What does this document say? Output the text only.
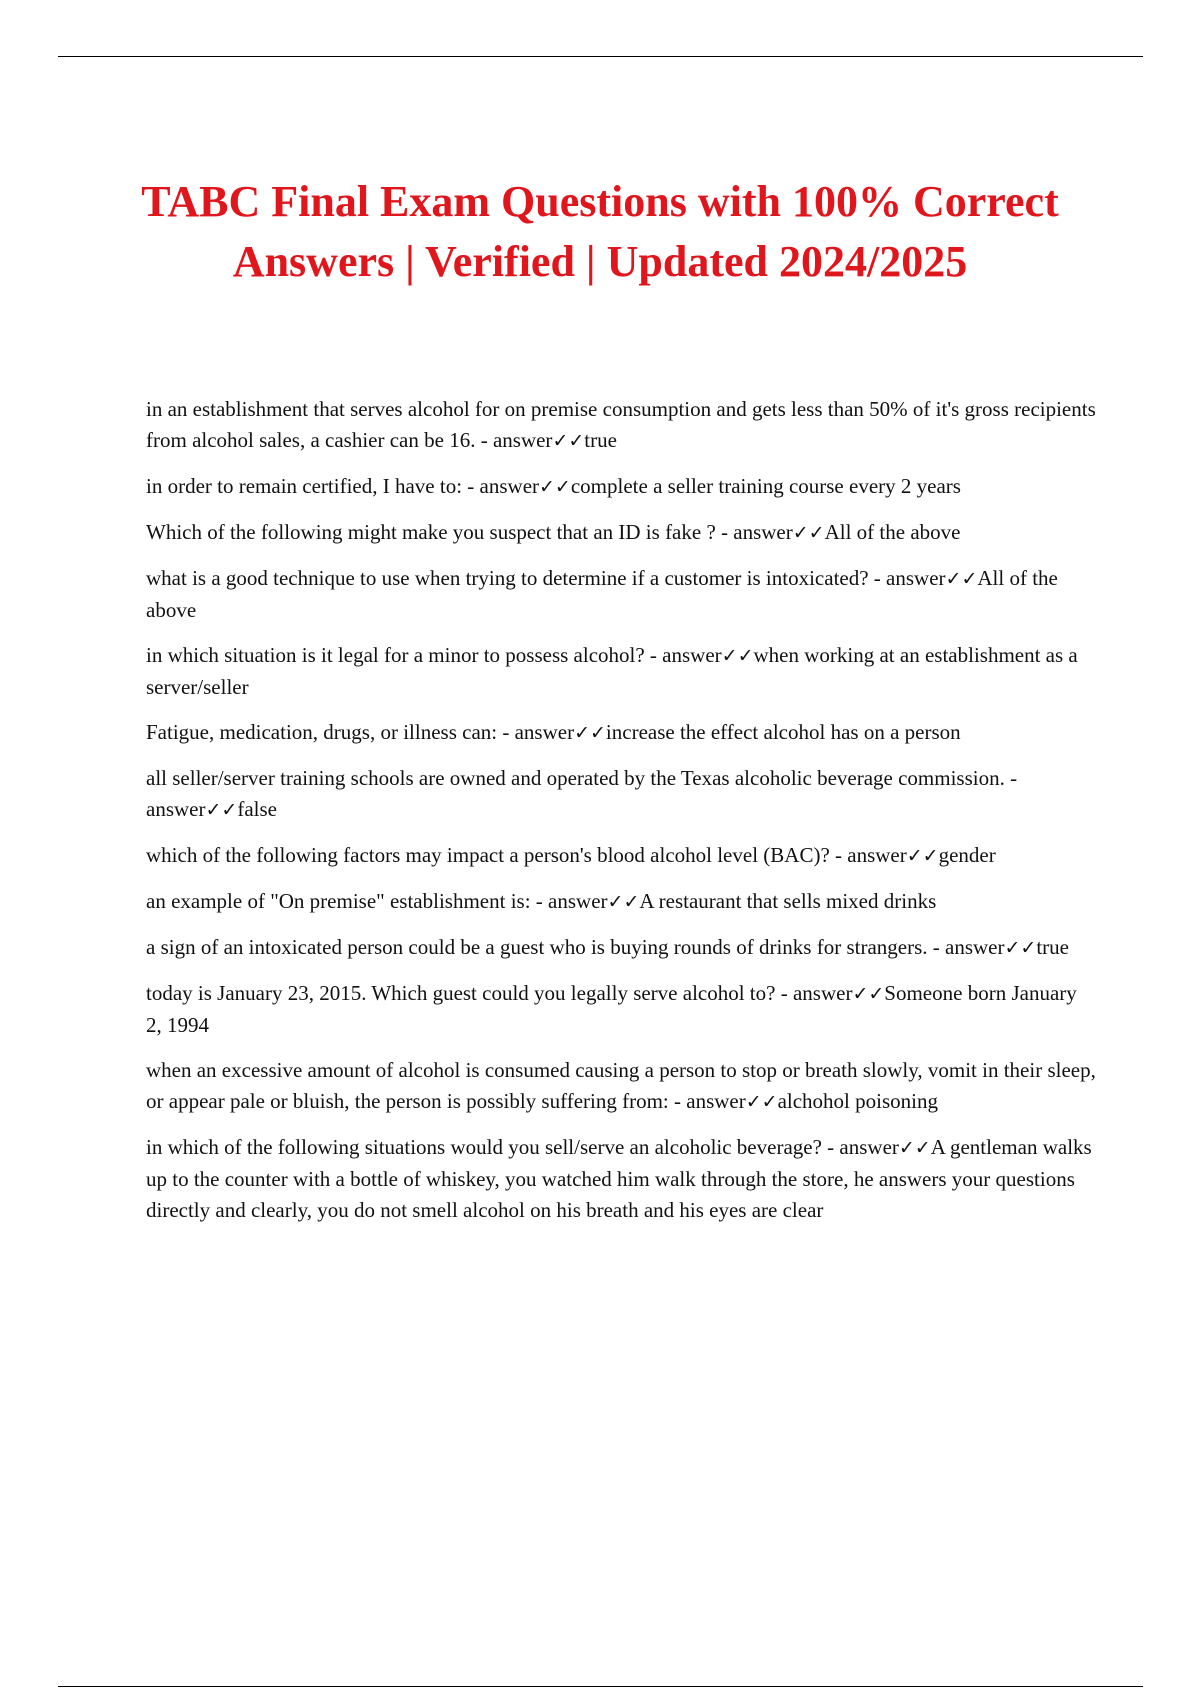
TABC Final Exam Questions with 100% Correct Answers | Verified | Updated 2024/2025
in an establishment that serves alcohol for on premise consumption and gets less than 50% of it's gross recipients from alcohol sales, a cashier can be 16. - answer✓✓true
in order to remain certified, I have to: - answer✓✓complete a seller training course every 2 years
Which of the following might make you suspect that an ID is fake ? - answer✓✓All of the above
what is a good technique to use when trying to determine if a customer is intoxicated? - answer✓✓All of the above
in which situation is it legal for a minor to possess alcohol? - answer✓✓when working at an establishment as a server/seller
Fatigue, medication, drugs, or illness can: - answer✓✓increase the effect alcohol has on a person
all seller/server training schools are owned and operated by the Texas alcoholic beverage commission. - answer✓✓false
which of the following factors may impact a person's blood alcohol level (BAC)? - answer✓✓gender
an example of "On premise" establishment is: - answer✓✓A restaurant that sells mixed drinks
a sign of an intoxicated person could be a guest who is buying rounds of drinks for strangers. - answer✓✓true
today is January 23, 2015. Which guest could you legally serve alcohol to? - answer✓✓Someone born January 2, 1994
when an excessive amount of alcohol is consumed causing a person to stop or breath slowly, vomit in their sleep, or appear pale or bluish, the person is possibly suffering from: - answer✓✓alchohol poisoning
in which of the following situations would you sell/serve an alcoholic beverage? - answer✓✓A gentleman walks up to the counter with a bottle of whiskey, you watched him walk through the store, he answers your questions directly and clearly, you do not smell alcohol on his breath and his eyes are clear
